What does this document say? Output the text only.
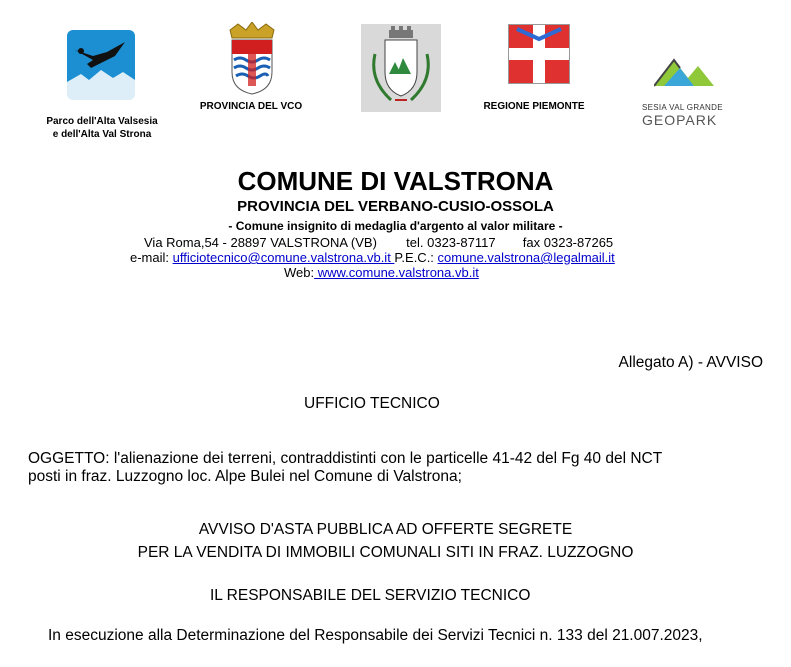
Parco dell'Alta Valsesia
e dell'Alta Val Strona
PROVINCIA DEL VCO	REGIONE PIEMONTE	SESIA VAL GRANDE
GEOPARK
COMUNE DI VALSTRONA
PROVINCIA DEL VERBANO-CUSIO-OSSOLA
- Comune insignito di medaglia d'argento al valor militare -
Via Roma,54 - 28897 VALSTRONA (VB) tel. 0323-87117 fax 0323-87265
e-mail: ufficiotecnico@comune.valstrona.vb.it P.E.C.: comune.valstrona@legalmail.it
Web: www.comune.valstrona.vb.it
Allegato A) - AVVISO
UFFICIO TECNICO
OGGETTO: l'alienazione dei terreni, contraddistinti con le particelle 41-42 del Fg 40 del NCT
posti in fraz. Luzzogno loc. Alpe Bulei nel Comune di Valstrona;
AVVISO D'ASTA PUBBLICA AD OFFERTE SEGRETE
PER LA VENDITA DI IMMOBILI COMUNALI SITI IN FRAZ. LUZZOGNO
IL RESPONSABILE DEL SERVIZIO TECNICO
In esecuzione alla Determinazione del Responsabile dei Servizi Tecnici n. 133 del 21.007.2023,
